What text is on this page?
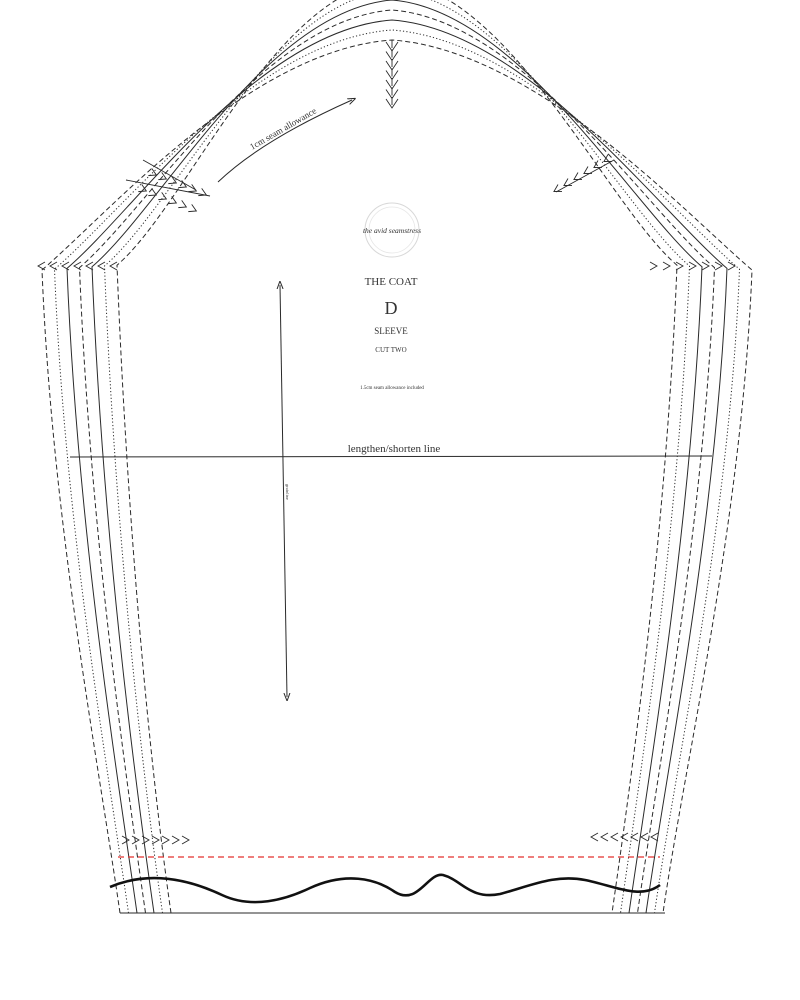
1cm seam allowance
the avid seamstress
THE COAT
D
SLEEVE
CUT TWO
1.5cm seam allowance included
lengthen/shorten line
grainline
